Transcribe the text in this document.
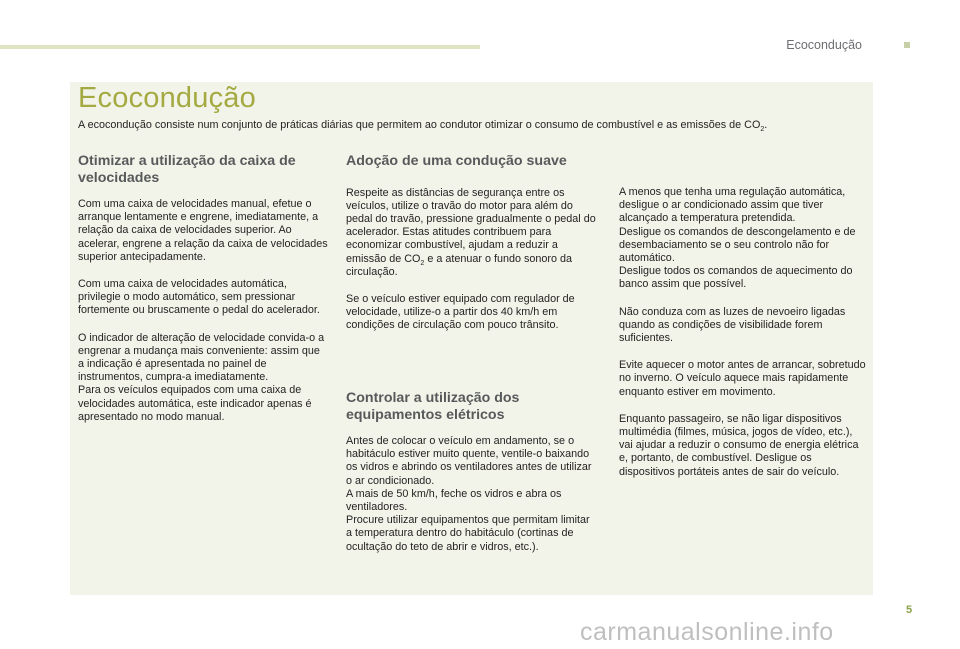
Ecocondução
Ecocondução

A ecocondução consiste num conjunto de práticas diárias que permitem ao condutor otimizar o consumo de combustível e as emissões de $CO_2$.

Otimizar a utilização da caixa de velocidades

Com uma caixa de velocidades manual, efetue o arranque lentamente e engrene, imediatamente, a relação da caixa de velocidades superior. Ao acelerar, engrene a relação da caixa de velocidades superior antecipadamente.

Com uma caixa de velocidades automática, privilegie o modo automático, sem pressionar fortemente ou bruscamente o pedal do acelerador.

O indicador de alteração de velocidade convida-o a engrenar a mudança mais conveniente: assim que a indicação é apresentada no painel de instrumentos, cumpra-a imediatamente.

Para os veículos equipados com uma caixa de velocidades automática, este indicador apenas é apresentado no modo manual.

Adoção de uma condução suave

Respeite as distâncias de segurança entre os veículos, utilize o travão do motor para além do pedal do travão, pressione gradualmente o pedal do acelerador. Estas atitudes contribuem para economizar combustível, ajudam a reduzir a emissão de $CO_2$ e a atenuar o fundo sonoro da circulação.

Se o veículo estiver equipado com regulador de velocidade, utilize-o a partir dos 40 km/h em condições de circulação com pouco trânsito.

Controlar a utilização dos equipamentos elétricos

Antes de colocar o veículo em andamento, se o habitáculo estiver muito quente, ventile-o baixando os vidros e abrindo os ventiladores antes de utilizar o ar condicionado.

A mais de 50 km/h, feche os vidros e abra os ventiladores.

Procure utilizar equipamentos que permitam limitar a temperatura dentro do habitáculo (cortinas de ocultação do teto de abrir e vidros, etc.).

A menos que tenha uma regulação automática, desligue o ar condicionado assim que tiver alcançado a temperatura pretendida.

Desligue os comandos de descongelamento e de desembaciamento se o seu controlo não for automático.

Desligue todos os comandos de aquecimento do banco assim que possível.

Não conduza com as luzes de nevoeiro ligadas quando as condições de visibilidade forem suficientes.

Evite aquecer o motor antes de arrancar, sobretudo no inverno. O veículo aquece mais rapidamente enquanto estiver em movimento.

Enquanto passageiro, se não ligar dispositivos multimédia (filmes, música, jogos de vídeo, etc.), vai ajudar a reduzir o consumo de energia elétrica e, portanto, de combustível. Desligue os dispositivos portáteis antes de sair do veículo.

5
carmanualsonline.info
